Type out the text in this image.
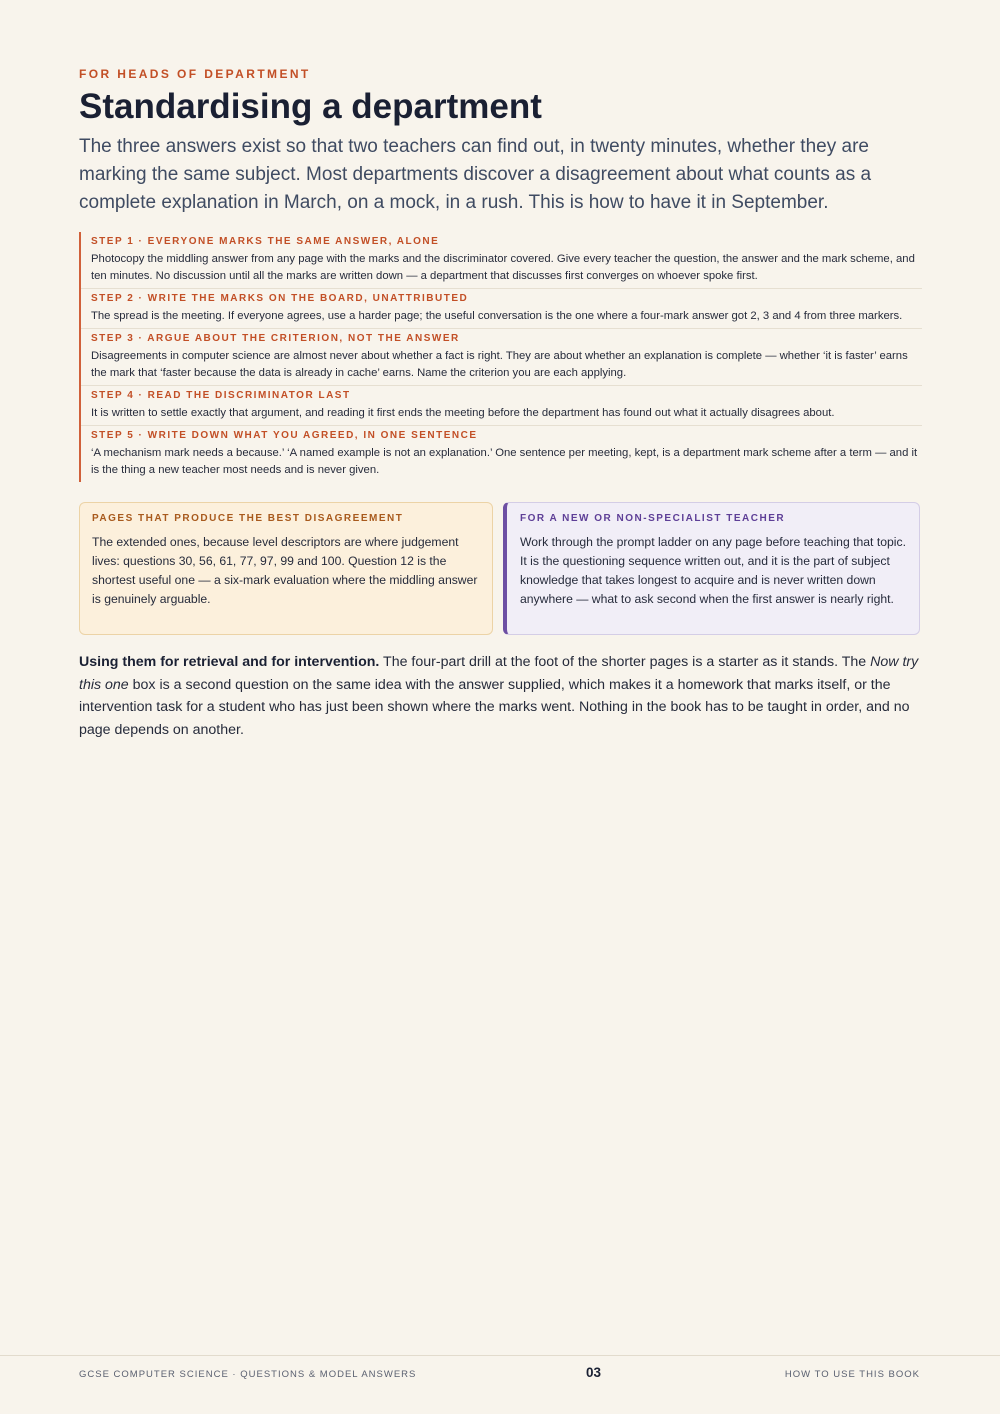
FOR HEADS OF DEPARTMENT
Standardising a department

The three answers exist so that two teachers can find out, in twenty minutes, whether they are marking the same subject. Most departments discover a disagreement about what counts as a complete explanation in March, on a mock, in a rush. This is how to have it in September.

STEP 1 · EVERYONE MARKS THE SAME ANSWER, ALONE
Photocopy the middling answer from any page with the marks and the discriminator covered. Give every teacher the question, the answer and the mark scheme, and ten minutes. No discussion until all the marks are written down — a department that discusses first converges on whoever spoke first.
STEP 2 · WRITE THE MARKS ON THE BOARD, UNATTRIBUTED
The spread is the meeting. If everyone agrees, use a harder page; the useful conversation is the one where a four-mark answer got 2, 3 and 4 from three markers.
STEP 3 · ARGUE ABOUT THE CRITERION, NOT THE ANSWER
Disagreements in computer science are almost never about whether a fact is right. They are about whether an explanation is complete — whether ‘it is faster’ earns the mark that ‘faster because the data is already in cache’ earns. Name the criterion you are each applying.
STEP 4 · READ THE DISCRIMINATOR LAST
It is written to settle exactly that argument, and reading it first ends the meeting before the department has found out what it actually disagrees about.
STEP 5 · WRITE DOWN WHAT YOU AGREED, IN ONE SENTENCE
‘A mechanism mark needs a because.’ ‘A named example is not an explanation.’ One sentence per meeting, kept, is a department mark scheme after a term — and it is the thing a new teacher most needs and is never given.
PAGES THAT PRODUCE THE BEST DISAGREEMENT
The extended ones, because level descriptors are where judgement lives: questions 30, 56, 61, 77, 97, 99 and 100. Question 12 is the shortest useful one — a six-mark evaluation where the middling answer is genuinely arguable.
FOR A NEW OR NON-SPECIALIST TEACHER
Work through the prompt ladder on any page before teaching that topic. It is the questioning sequence written out, and it is the part of subject knowledge that takes longest to acquire and is never written down anywhere — what to ask second when the first answer is nearly right.

Using them for retrieval and for intervention. The four-part drill at the foot of the shorter pages is a starter as it stands. The Now try this one box is a second question on the same idea with the answer supplied, which makes it a homework that marks itself, or the intervention task for a student who has just been shown where the marks went. Nothing in the book has to be taught in order, and no page depends on another.

GCSE COMPUTER SCIENCE · QUESTIONS & MODEL ANSWERS	03	HOW TO USE THIS BOOK
